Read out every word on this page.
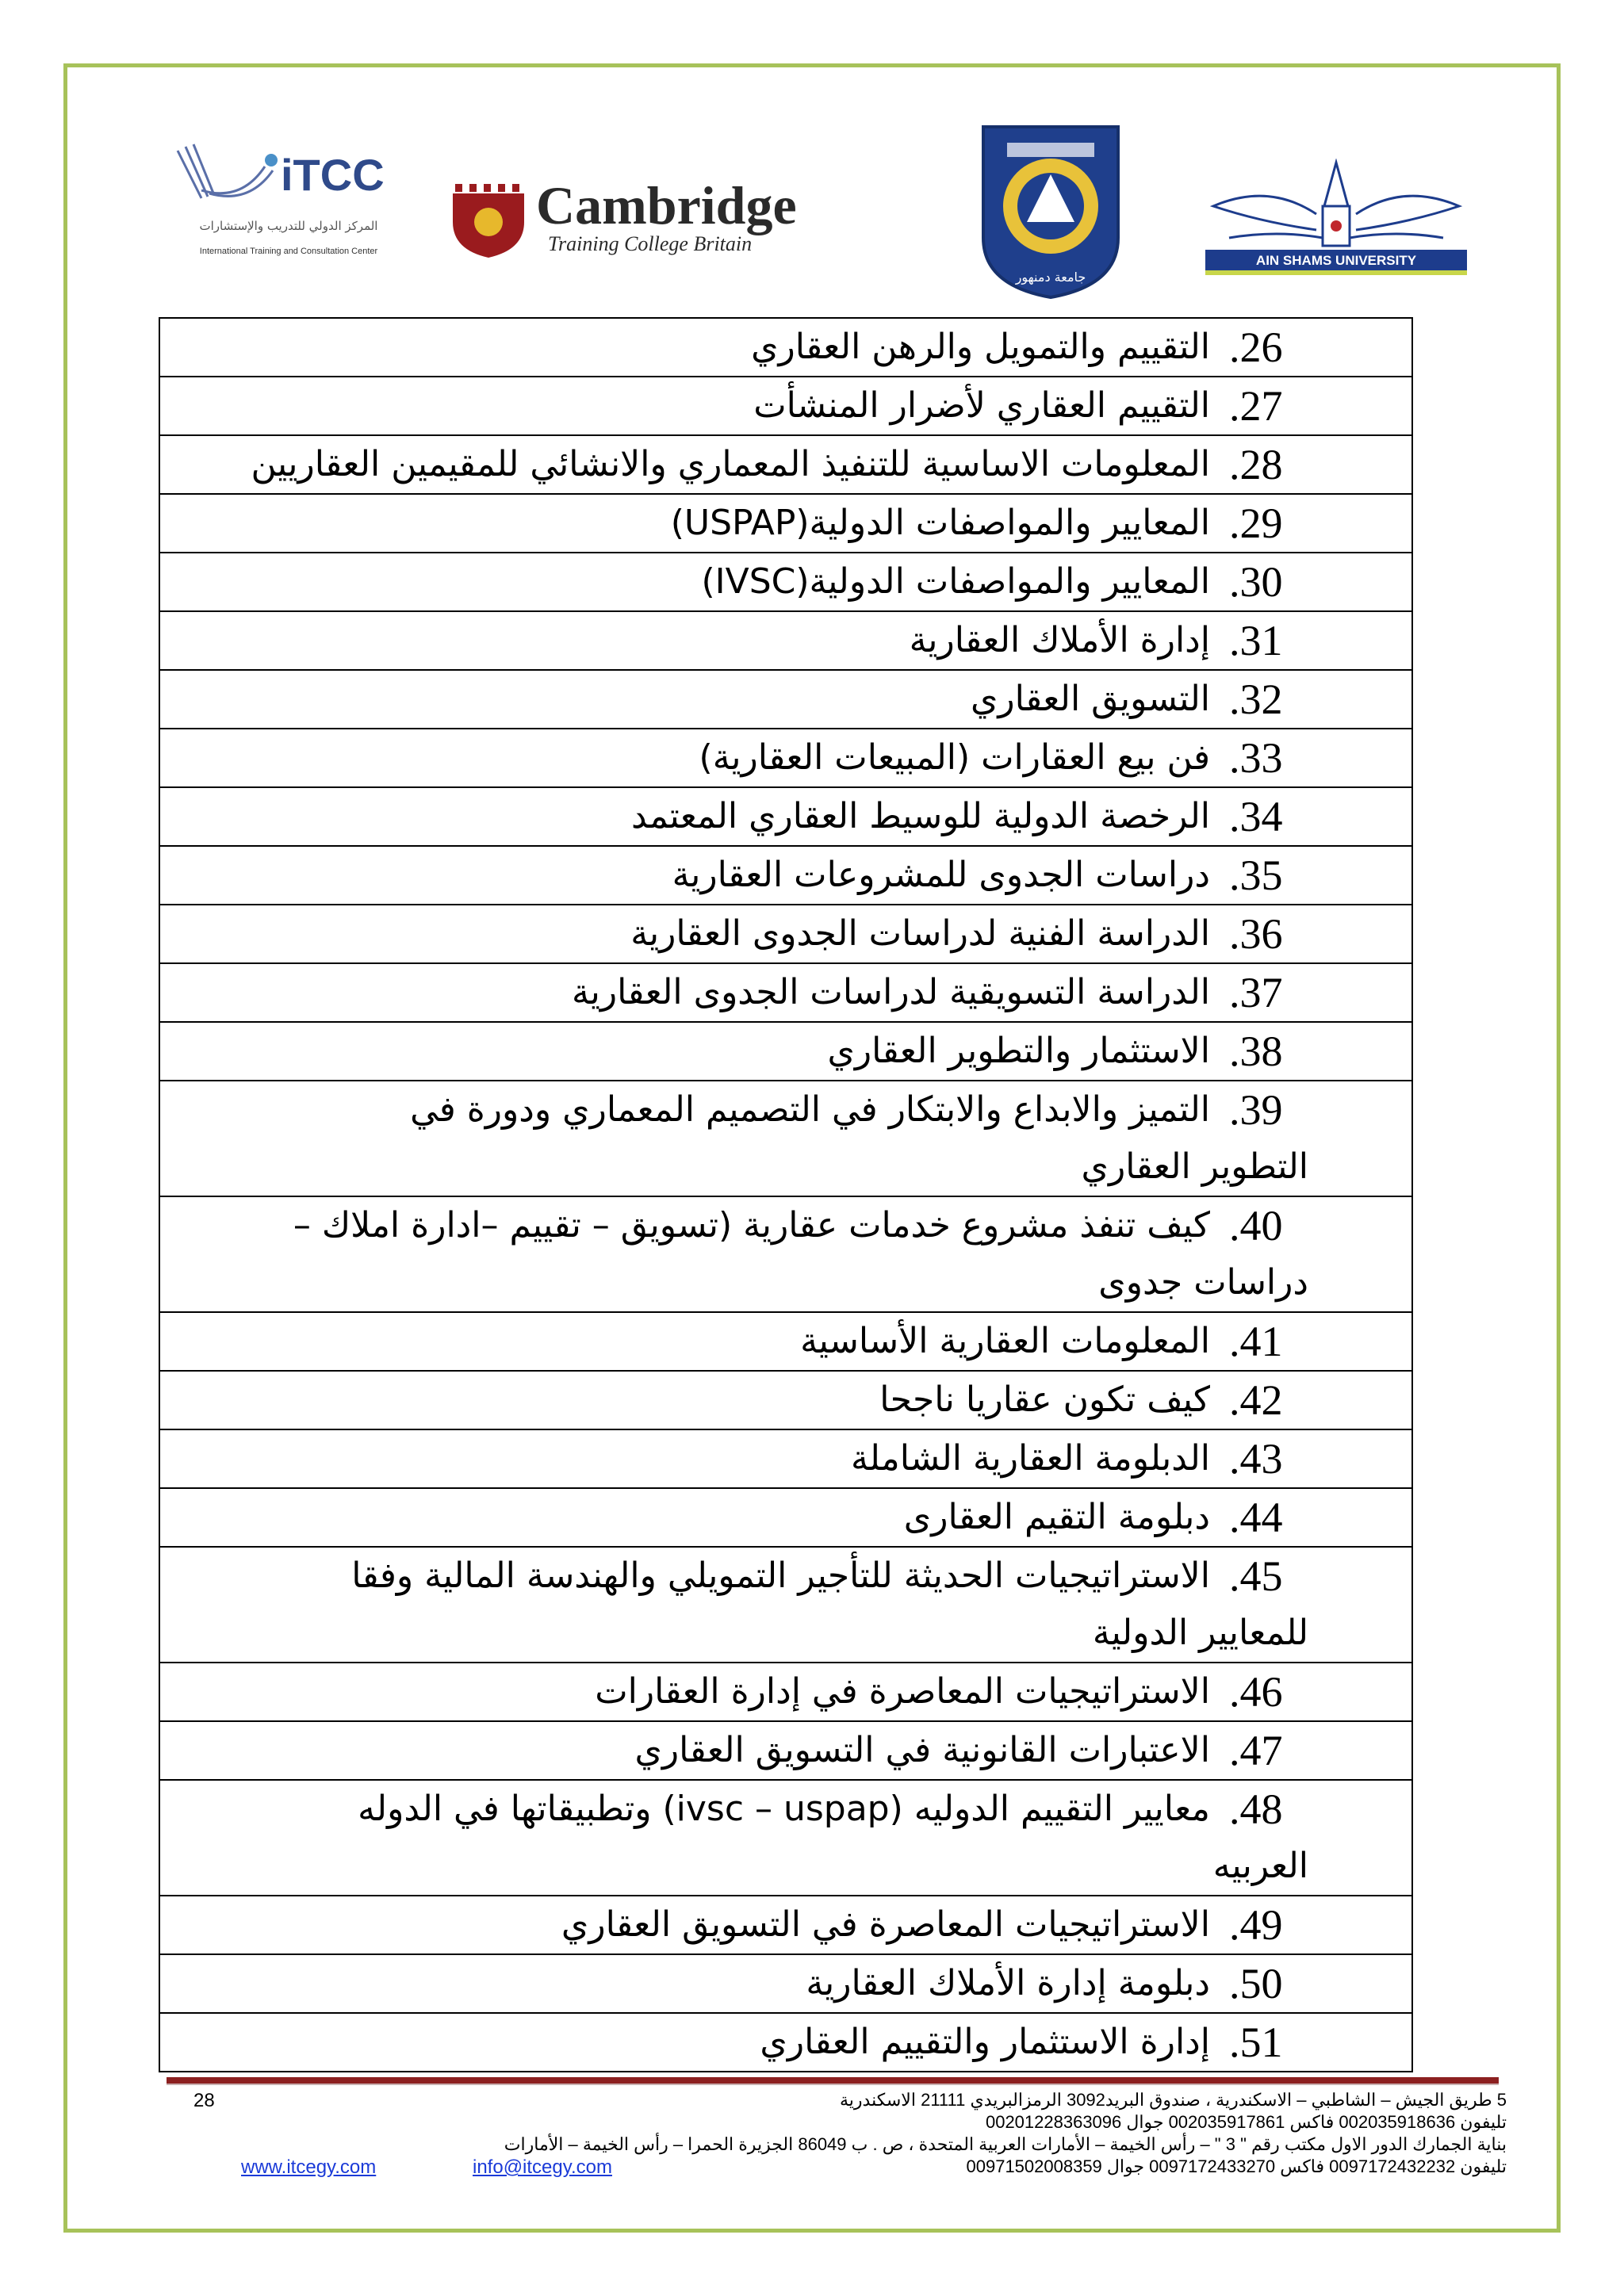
iTCC
المركز الدولي للتدريب والإستشارات
International Training and Consultation Center
Cambridge
Training College Britain
جامعة دمنهور
AIN SHAMS UNIVERSITY
.26
التقييم والتمويل والرهن العقاري

.27
التقييم العقاري لأضرار المنشأت

.28
المعلومات الاساسية للتنفيذ المعماري والانشائي للمقيمين العقاريين

.29
المعايير والمواصفات الدولية(USPAP)

.30
المعايير والمواصفات الدولية(IVSC)

.31
إدارة الأملاك العقارية

.32
التسويق العقاري

.33
فن بيع العقارات (المبيعات العقارية)

.34
الرخصة الدولية للوسيط العقاري المعتمد

.35
دراسات الجدوى للمشروعات العقارية

.36
الدراسة الفنية لدراسات الجدوى العقارية

.37
الدراسة التسويقية لدراسات الجدوى العقارية

.38
الاستثمار والتطوير العقاري

.39
التميز والابداع والابتكار في التصميم المعماري ودورة في
التطوير العقاري

.40
كيف تنفذ مشروع خدمات عقارية (تسويق – تقييم –ادارة املاك –
دراسات جدوى

.41
المعلومات العقارية الأساسية

.42
كيف تكون عقاريا ناجحا

.43
الدبلومة العقارية الشاملة

.44
دبلومة التقيم العقارى

.45
الاستراتيجيات الحديثة للتأجير التمويلي والهندسة المالية وفقا
للمعايير الدولية

.46
الاستراتيجيات المعاصرة في إدارة العقارات

.47
الاعتبارات القانونية في التسويق العقاري

.48
معايير التقييم الدوليه (ivsc – uspap) وتطبيقاتها في الدوله
العربيه

.49
الاستراتيجيات المعاصرة في التسويق العقاري

.50
دبلومة إدارة الأملاك العقارية

.51
إدارة الاستثمار والتقييم العقاري
28	5 طريق الجيش – الشاطبي – الاسكندرية ، صندوق البريد3092 الرمزالبريدي 21111 الاسكندرية
تليفون 002035918636 فاكس 002035917861 جوال 00201228363096
بناية الجمارك الدور الاول مكتب رقم " 3 " – رأس الخيمة – الأمارات العربية المتحدة ، ص . ب 86049 الجزيرة الحمرا – رأس الخيمة – الأمارات
تليفون 0097172432232 فاكس 0097172433270 جوال 00971502008359
www.itcegy.com	info@itcegy.com
